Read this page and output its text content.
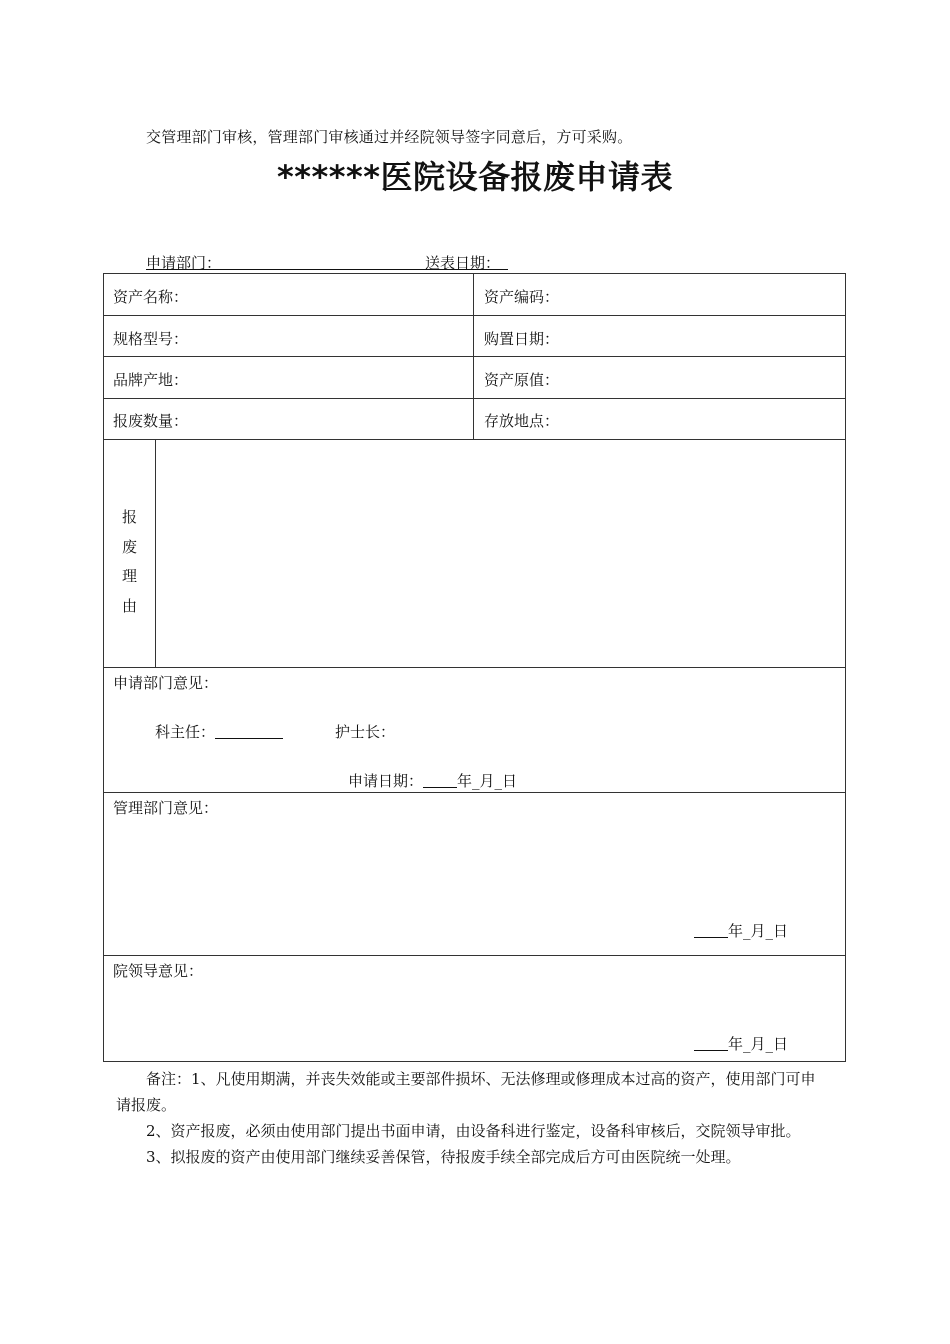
交管理部门审核，管理部门审核通过并经院领导签字同意后，方可采购。
******医院设备报废申请表
申请部门：	送表日期：
资产名称：	资产编码：
规格型号：	购置日期：
品牌产地：	资产原值：
报废数量：	存放地点：
报
废
理
由
申请部门意见：
科主任：	护士长：
申请日期： 年_月_日
管理部门意见：
年_月_日
院领导意见：
年_月_日

备注：1、凡使用期满，并丧失效能或主要部件损坏、无法修理或修理成本过高的资产，使用部门可申请报废。

2、资产报废，必须由使用部门提出书面申请，由设备科进行鉴定，设备科审核后，交院领导审批。

3、拟报废的资产由使用部门继续妥善保管，待报废手续全部完成后方可由医院统一处理。
